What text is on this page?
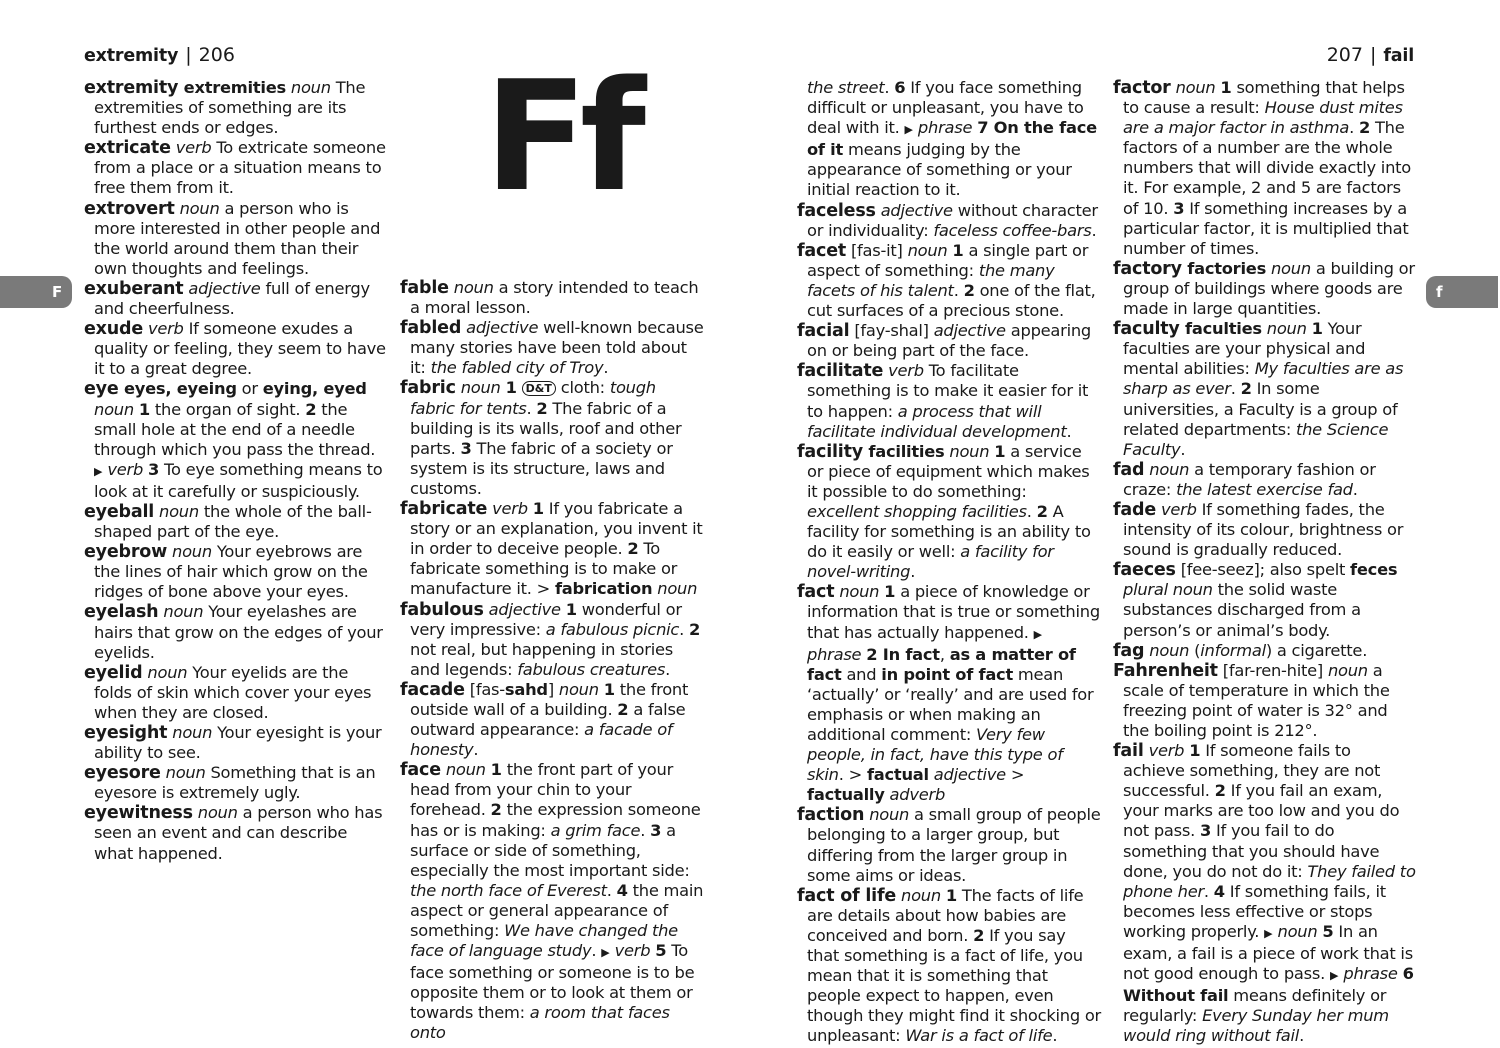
extremity | 206	207 | fail
Ff
F	f

extremity extremities noun The extremities of something are its furthest ends or edges.

extricate verb To extricate someone from a place or a situation means to free them from it.

extrovert noun a person who is more interested in other people and the world around them than their own thoughts and feelings.

exuberant adjective full of energy and cheerfulness.

exude verb If someone exudes a quality or feeling, they seem to have it to a great degree.

eye eyes, eyeing or eying, eyed noun 1 the organ of sight. 2 the small hole at the end of a needle through which you pass the thread. ▶ verb 3 To eye something means to look at it carefully or suspiciously.

eyeball noun the whole of the ball-shaped part of the eye.

eyebrow noun Your eyebrows are the lines of hair which grow on the ridges of bone above your eyes.

eyelash noun Your eyelashes are hairs that grow on the edges of your eyelids.

eyelid noun Your eyelids are the folds of skin which cover your eyes when they are closed.

eyesight noun Your eyesight is your ability to see.

eyesore noun Something that is an eyesore is extremely ugly.

eyewitness noun a person who has seen an event and can describe what happened.

fable noun a story intended to teach a moral lesson.

fabled adjective well-known because many stories have been told about it: the fabled city of Troy.

fabric noun 1 D&T cloth: tough fabric for tents. 2 The fabric of a building is its walls, roof and other parts. 3 The fabric of a society or system is its structure, laws and customs.

fabricate verb 1 If you fabricate a story or an explanation, you invent it in order to deceive people. 2 To fabricate something is to make or manufacture it. > fabrication noun

fabulous adjective 1 wonderful or very impressive: a fabulous picnic. 2 not real, but happening in stories and legends: fabulous creatures.

facade [fas-sahd] noun 1 the front outside wall of a building. 2 a false outward appearance: a facade of honesty.

face noun 1 the front part of your head from your chin to your forehead. 2 the expression someone has or is making: a grim face. 3 a surface or side of something, especially the most important side: the north face of Everest. 4 the main aspect or general appearance of something: We have changed the face of language study. ▶ verb 5 To face something or someone is to be opposite them or to look at them or towards them: a room that faces onto

the street. 6 If you face something difficult or unpleasant, you have to deal with it. ▶ phrase 7 On the face of it means judging by the appearance of something or your initial reaction to it.

faceless adjective without character or individuality: faceless coffee-bars.

facet [fas-it] noun 1 a single part or aspect of something: the many facets of his talent. 2 one of the flat, cut surfaces of a precious stone.

facial [fay-shal] adjective appearing on or being part of the face.

facilitate verb To facilitate something is to make it easier for it to happen: a process that will facilitate individual development.

facility facilities noun 1 a service or piece of equipment which makes it possible to do something: excellent shopping facilities. 2 A facility for something is an ability to do it easily or well: a facility for novel-writing.

fact noun 1 a piece of knowledge or information that is true or something that has actually happened. ▶ phrase 2 In fact, as a matter of fact and in point of fact mean ‘actually’ or ‘really’ and are used for emphasis or when making an additional comment: Very few people, in fact, have this type of skin. > factual adjective > factually adverb

faction noun a small group of people belonging to a larger group, but differing from the larger group in some aims or ideas.

fact of life noun 1 The facts of life are details about how babies are conceived and born. 2 If you say that something is a fact of life, you mean that it is something that people expect to happen, even though they might find it shocking or unpleasant: War is a fact of life.

factor noun 1 something that helps to cause a result: House dust mites are a major factor in asthma. 2 The factors of a number are the whole numbers that will divide exactly into it. For example, 2 and 5 are factors of 10. 3 If something increases by a particular factor, it is multiplied that number of times.

factory factories noun a building or group of buildings where goods are made in large quantities.

faculty faculties noun 1 Your faculties are your physical and mental abilities: My faculties are as sharp as ever. 2 In some universities, a Faculty is a group of related departments: the Science Faculty.

fad noun a temporary fashion or craze: the latest exercise fad.

fade verb If something fades, the intensity of its colour, brightness or sound is gradually reduced.

faeces [fee-seez]; also spelt feces plural noun the solid waste substances discharged from a person’s or animal’s body.

fag noun (informal) a cigarette.

Fahrenheit [far-ren-hite] noun a scale of temperature in which the freezing point of water is 32° and the boiling point is 212°.

fail verb 1 If someone fails to achieve something, they are not successful. 2 If you fail an exam, your marks are too low and you do not pass. 3 If you fail to do something that you should have done, you do not do it: They failed to phone her. 4 If something fails, it becomes less effective or stops working properly. ▶ noun 5 In an exam, a fail is a piece of work that is not good enough to pass. ▶ phrase 6 Without fail means definitely or regularly: Every Sunday her mum would ring without fail.
